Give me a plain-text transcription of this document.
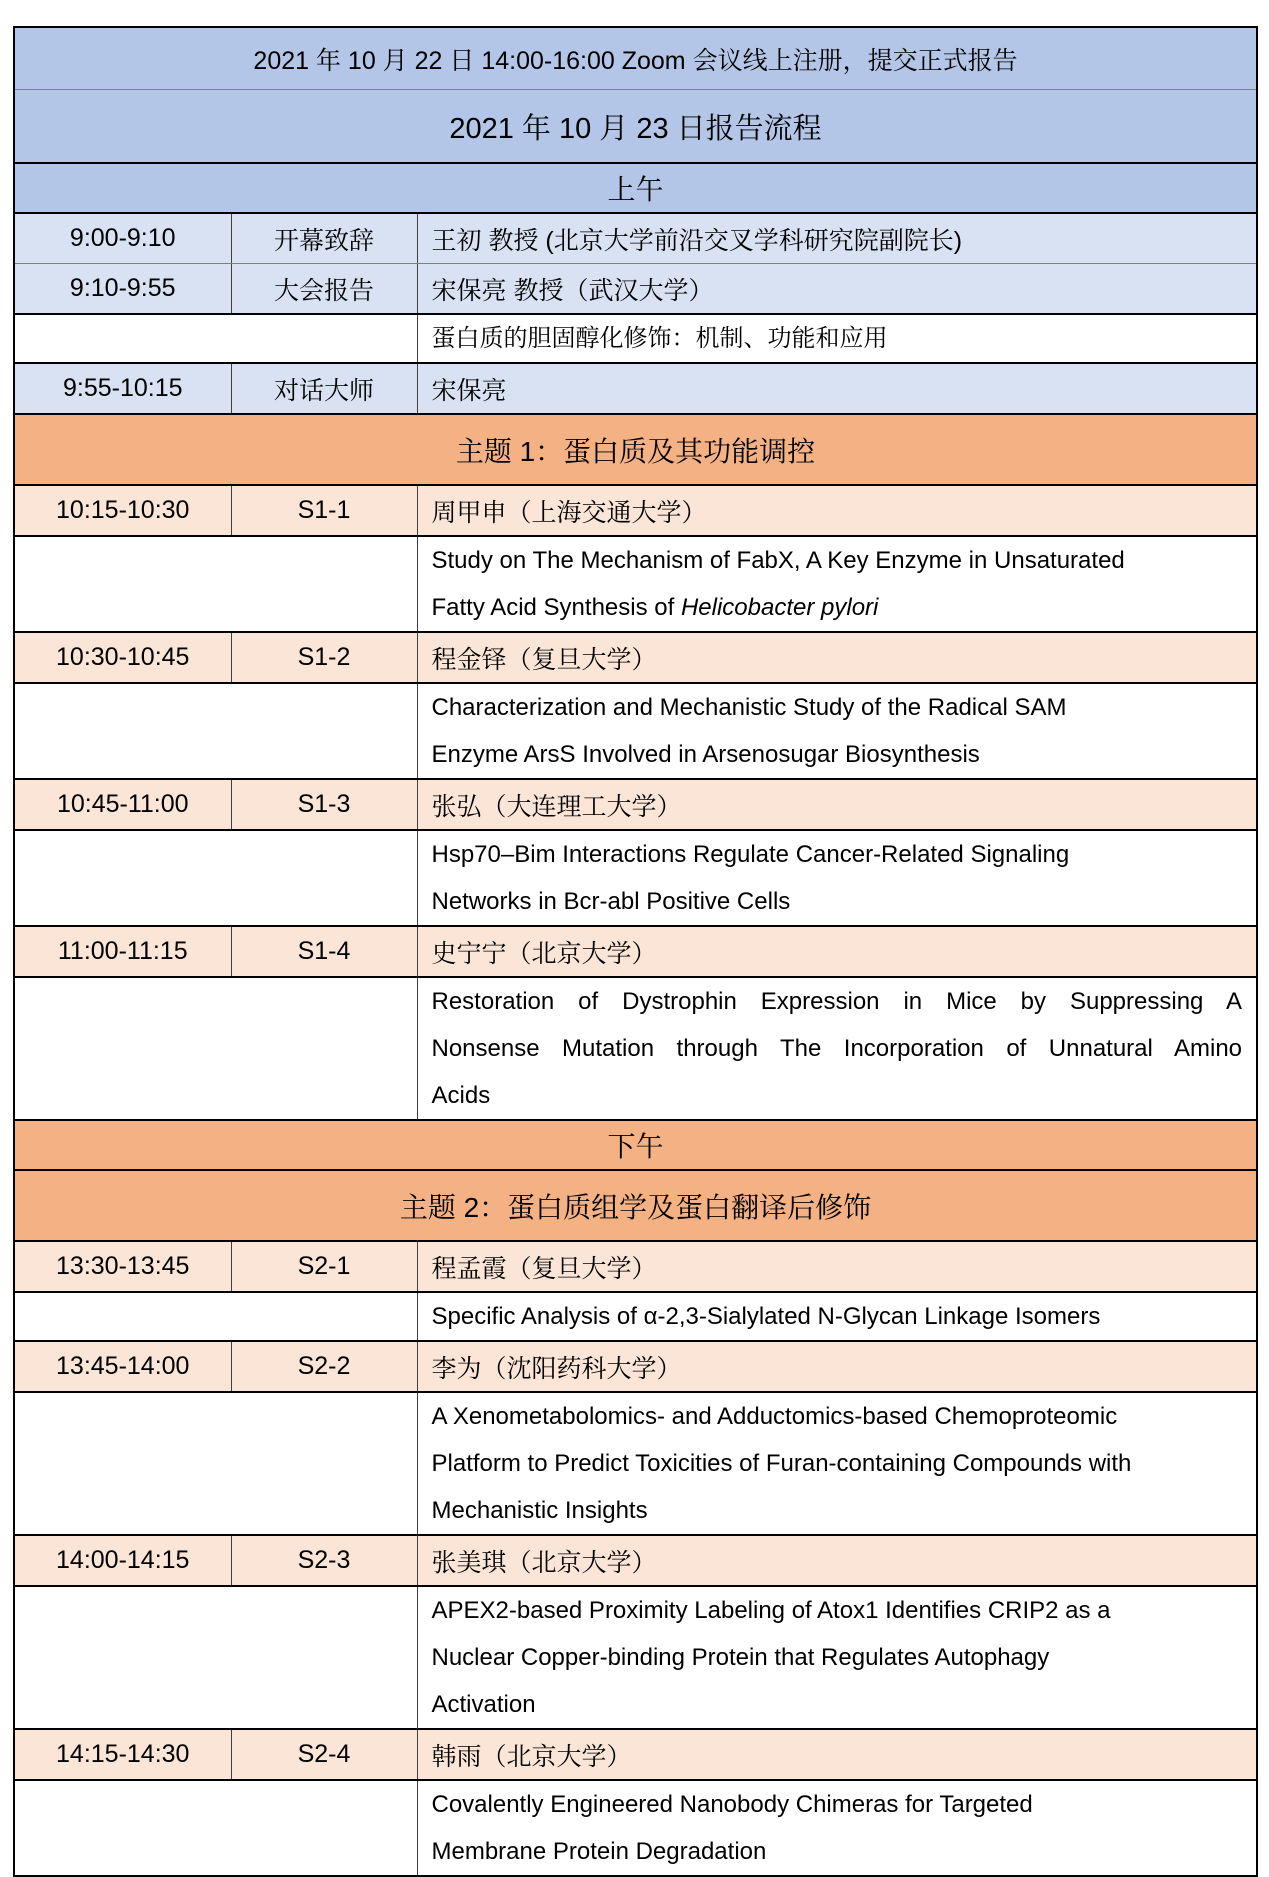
2021 年 10 月 22 日 14:00-16:00 Zoom 会议线上注册，提交正式报告		
2021 年 10 月 23 日报告流程		
上午		
9:00-9:10	开幕致辞	王初 教授 (北京大学前沿交叉学科研究院副院长)
9:10-9:55	大会报告	宋保亮 教授（武汉大学）

		蛋白质的胆固醇化修饰：机制、功能和应用

9:55-10:15	对话大师	宋保亮
主题 1：蛋白质及其功能调控		
10:15-10:30	S1-1	周甲申（上海交通大学）

		Study on The Mechanism of FabX, A Key Enzyme in Unsaturated
Fatty Acid Synthesis of Helicobacter pylori

10:30-10:45	S1-2	程金铎（复旦大学）

		Characterization and Mechanistic Study of the Radical SAM
Enzyme ArsS Involved in Arsenosugar Biosynthesis

10:45-11:00	S1-3	张弘（大连理工大学）

		Hsp70–Bim Interactions Regulate Cancer-Related Signaling
Networks in Bcr-abl Positive Cells

11:00-11:15	S1-4	史宁宁（北京大学）

		Restoration of Dystrophin Expression in Mice by Suppressing A
Nonsense Mutation through The Incorporation of Unnatural Amino
Acids

下午		
主题 2：蛋白质组学及蛋白翻译后修饰		
13:30-13:45	S2-1	程孟霞（复旦大学）

		Specific Analysis of α-2,3-Sialylated N-Glycan Linkage Isomers

13:45-14:00	S2-2	李为（沈阳药科大学）

		A Xenometabolomics- and Adductomics-based Chemoproteomic
Platform to Predict Toxicities of Furan-containing Compounds with
Mechanistic Insights

14:00-14:15	S2-3	张美琪（北京大学）

		APEX2-based Proximity Labeling of Atox1 Identifies CRIP2 as a
Nuclear Copper-binding Protein that Regulates Autophagy
Activation

14:15-14:30	S2-4	韩雨（北京大学）

		Covalently Engineered Nanobody Chimeras for Targeted
Membrane Protein Degradation
